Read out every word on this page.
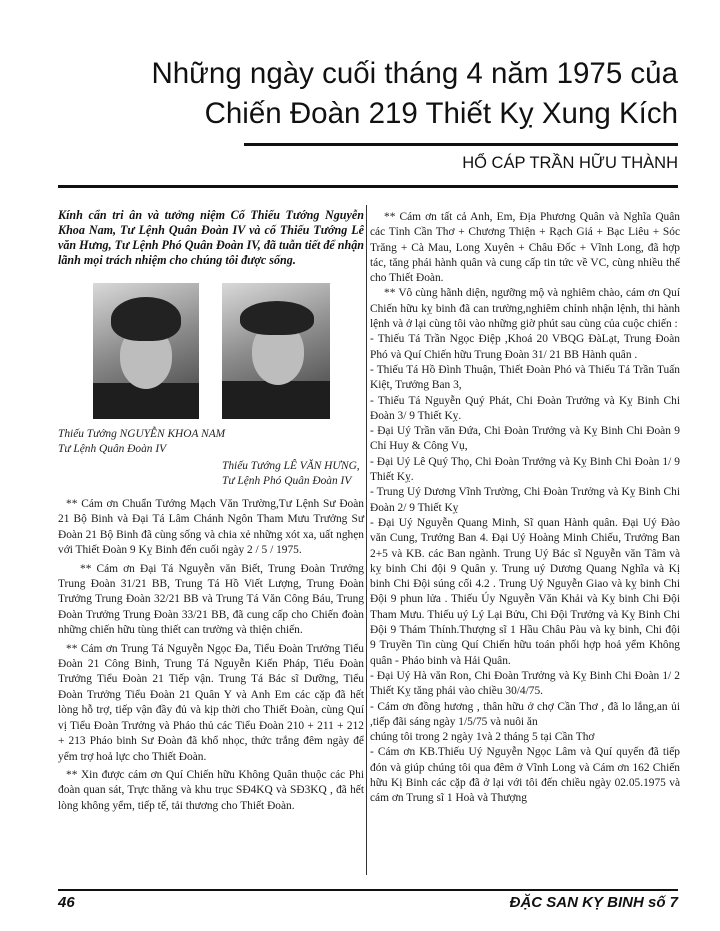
Những ngày cuối tháng 4 năm 1975 của
Chiến Đoàn 219 Thiết Kỵ Xung Kích
HỔ CÁP TRẦN HỮU THÀNH

Kính cẩn tri ân và tưởng niệm Cố Thiếu Tướng Nguyễn Khoa Nam, Tư Lệnh Quân Đoàn IV và cố Thiếu Tướng Lê văn Hưng, Tư Lệnh Phó Quân Đoàn IV, đã tuẫn tiết để nhận lãnh mọi trách nhiệm cho chúng tôi được sống.

Thiếu Tướng NGUYỄN KHOA NAM
Tư Lệnh Quân Đoàn IV
Thiếu Tướng LÊ VĂN HƯNG,
Tư Lệnh Phó Quân Đoàn IV

** Cám ơn Chuẩn Tướng Mạch Văn Trường,Tư Lệnh Sư Đoàn 21 Bộ Binh và Đại Tá Lâm Chánh Ngôn Tham Mưu Trưởng Sư Đoàn 21 Bộ Binh đã cùng sống và chia xẻ những xót xa, uất nghẹn với Thiết Đoàn 9 Kỵ Binh đến cuối ngày 2 / 5 / 1975.

** Cám ơn Đại Tá Nguyễn văn Biết, Trung Đoàn Trưởng Trung Đoàn 31/21 BB, Trung Tá Hồ Viết Lượng, Trung Đoàn Trưởng Trung Đoàn 32/21 BB và Trung Tá Văn Công Báu, Trung Đoàn Trưởng Trung Đoàn 33/21 BB, đã cung cấp cho Chiến đoàn những chiến hữu tùng thiết can trường và thiện chiến.

** Cám ơn Trung Tá Nguyễn Ngọc Đa, Tiểu Đoàn Trưởng Tiểu Đoàn 21 Công Binh, Trung Tá Nguyễn Kiến Pháp, Tiểu Đoàn Trưởng Tiểu Đoàn 21 Tiếp vận. Trung Tá Bác sĩ Dưỡng, Tiểu Đoàn Trưởng Tiểu Đoàn 21 Quân Y và Anh Em các cặp đã hết lòng hỗ trợ, tiếp vận đầy đủ và kịp thời cho Thiết Đoàn, cùng Quí vị Tiểu Đoàn Trưởng và Pháo thủ các Tiểu Đoàn 210 + 211 + 212 + 213 Pháo binh Sư Đoàn đã khổ nhọc, thức trắng đêm ngày để yểm trợ hoả lực cho Thiết Đoàn.

** Xin được cám ơn Quí Chiến hữu Không Quân thuộc các Phi đoàn quan sát, Trực thăng và khu trục SĐ4KQ và SĐ3KQ , đã hết lòng không yểm, tiếp tế, tải thương cho Thiết Đoàn.

** Cám ơn tất cả Anh, Em, Địa Phương Quân và Nghĩa Quân các Tỉnh Cần Thơ + Chương Thiện + Rạch Giá + Bạc Liêu + Sóc Trăng + Cà Mau, Long Xuyên + Châu Đốc + Vĩnh Long, đã hợp tác, tăng phái hành quân và cung cấp tin tức về VC, cùng nhiều thế cho Thiết Đoàn.

** Vô cùng hãnh diện, ngưỡng mộ và nghiêm chào, cám ơn Quí Chiến hữu kỵ binh đã can trường,nghiêm chỉnh nhận lệnh, thi hành lệnh và ở lại cùng tôi vào những giờ phút sau cùng của cuộc chiến :

- Thiếu Tá Trần Ngọc Điệp ,Khoá 20 VBQG ĐàLạt, Trung Đoàn Phó và Quí Chiến hữu Trung Đoàn 31/ 21 BB Hành quân .

- Thiếu Tá Hồ Đình Thuận, Thiết Đoàn Phó và Thiếu Tá Trần Tuấn Kiệt, Trưởng Ban 3,

- Thiếu Tá Nguyễn Quý Phát, Chi Đoàn Trưởng và Kỵ Binh Chi Đoàn 3/ 9 Thiết Kỵ.

- Đại Uý Trần văn Đứa, Chi Đoàn Trưởng và Kỵ Binh Chi Đoàn 9 Chỉ Huy & Công Vụ,

- Đại Uý Lê Quý Thọ, Chi Đoàn Trưởng và Kỵ Binh Chi Đoàn 1/ 9 Thiết Kỵ.

- Trung Uý Dương Vĩnh Trường, Chi Đoàn Trưởng và Kỵ Binh Chi Đoàn 2/ 9 Thiết Kỵ

- Đại Uý Nguyễn Quang Minh, Sĩ quan Hành quân. Đại Uý Đào văn Cung, Trưởng Ban 4. Đại Uý Hoàng Minh Chiếu, Trưởng Ban 2+5 và KB. các Ban ngành. Trung Uý Bác sĩ Nguyễn văn Tâm và kỵ binh Chi đội 9 Quân y. Trung uý Dương Quang Nghĩa và Kị binh Chi Đội súng cối 4.2 . Trung Uý Nguyễn Giao và kỵ binh Chi Đội 9 phun lửa . Thiếu Úy Nguyễn Văn Khải và Kỵ binh Chi Đội Tham Mưu. Thiếu uý Lý Lại Bửu, Chi Đội Trưởng và Kỵ Binh Chi Đội 9 Thám Thính.Thượng sĩ 1 Hầu Châu Pàu và kỵ binh, Chi đội 9 Truyền Tin cùng Quí Chiến hữu toán phối hợp hoả yểm Không quân - Pháo binh và Hải Quân.

- Đại Uý Hà văn Ron, Chi Đoàn Trưởng và Kỵ Binh Chi Đoàn 1/ 2 Thiết Kỵ tăng phái vào chiều 30/4/75.

- Cám ơn đồng hương , thân hữu ở chợ Cần Thơ , đã lo lắng,an ủi ,tiếp đãi sáng ngày 1/5/75 và nuôi ăn

chúng tôi trong 2 ngày 1và 2 tháng 5 tại Cần Thơ

- Cám ơn KB.Thiếu Uý Nguyễn Ngọc Lâm và Quí quyến đã tiếp đón và giúp chúng tôi qua đêm ở Vĩnh Long và Cám ơn 162 Chiến hữu Kị Binh các cặp đã ở lại với tôi đến chiều ngày 02.05.1975 và cám ơn Trung sĩ 1 Hoà và Thượng

46	ĐẶC SAN KỴ BINH số 7
